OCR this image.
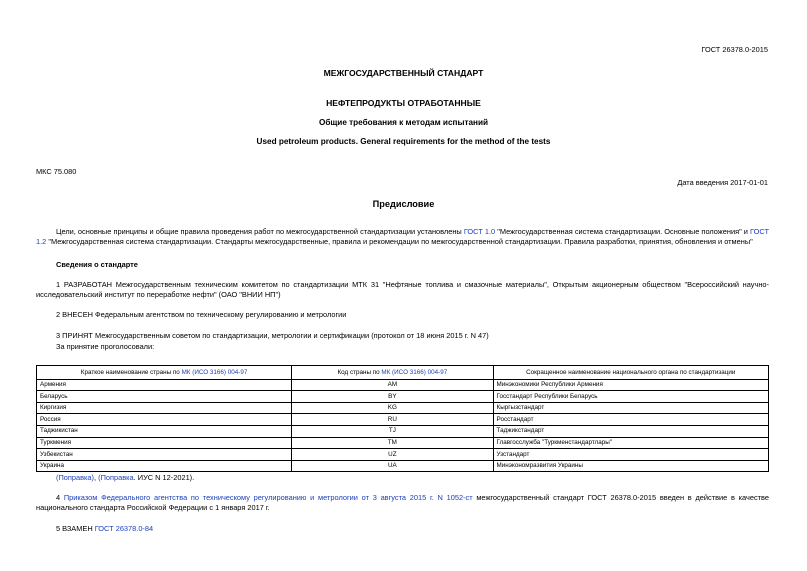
ГОСТ 26378.0-2015
МЕЖГОСУДАРСТВЕННЫЙ СТАНДАРТ
НЕФТЕПРОДУКТЫ ОТРАБОТАННЫЕ
Общие требования к методам испытаний
Used petroleum products. General requirements for the method of the tests
МКС 75.080
Дата введения 2017-01-01
Предисловие
Цели, основные принципы и общие правила проведения работ по межгосударственной стандартизации установлены ГОСТ 1.0 "Межгосударственная система стандартизации. Основные положения" и ГОСТ 1.2 "Межгосударственная система стандартизации. Стандарты межгосударственные, правила и рекомендации по межгосударственной стандартизации. Правила разработки, принятия, обновления и отмены"
Сведения о стандарте
1 РАЗРАБОТАН Межгосударственным техническим комитетом по стандартизации МТК 31 "Нефтяные топлива и смазочные материалы", Открытым акционерным обществом "Всероссийский научно-исследовательский институт по переработке нефти" (ОАО "ВНИИ НП")
2 ВНЕСЕН Федеральным агентством по техническому регулированию и метрологии
3 ПРИНЯТ Межгосударственным советом по стандартизации, метрологии и сертификации (протокол от 18 июня 2015 г. N 47)
За принятие проголосовали:
Краткое наименование страны по МК (ИСО 3166) 004-97	Код страны по МК (ИСО 3166) 004-97	Сокращенное наименование национального органа по стандартизации
Армения	AM	Минэкономики Республики Армения
Беларусь	BY	Госстандарт Республики Беларусь
Киргизия	KG	Кыргызстандарт
Россия	RU	Росстандарт
Таджикистан	TJ	Таджикстандарт
Туркмения	TM	Главгосслужба "Туркменстандартлары"
Узбекистан	UZ	Узстандарт
Украина	UA	Минэкономразвития Украины
(Поправка), (Поправка. ИУС N 12-2021).
4 Приказом Федерального агентства по техническому регулированию и метрологии от 3 августа 2015 г. N 1052-ст межгосударственный стандарт ГОСТ 26378.0-2015 введен в действие в качестве национального стандарта Российской Федерации с 1 января 2017 г.
5 ВЗАМЕН ГОСТ 26378.0-84
